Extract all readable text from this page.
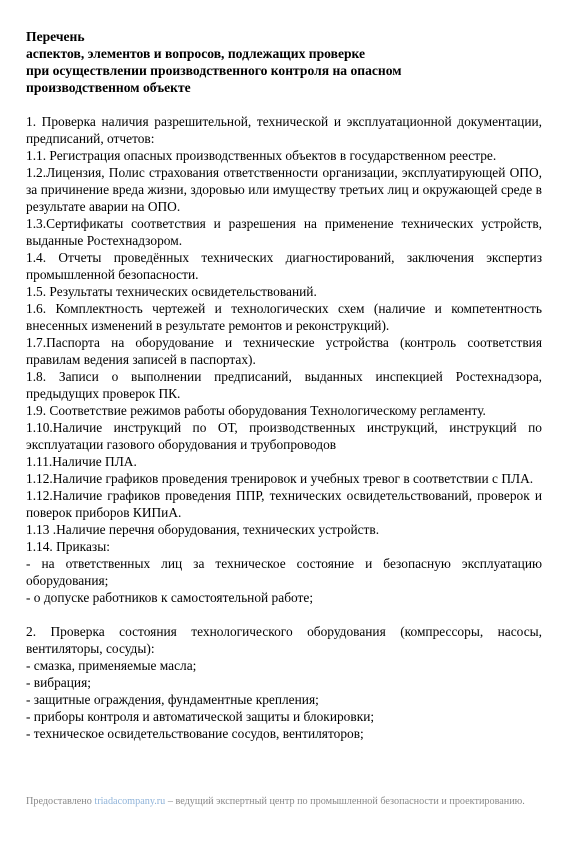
Перечень
аспектов, элементов и вопросов, подлежащих проверке
при осуществлении производственного контроля на опасном
производственном объекте

1. Проверка наличия разрешительной, технической и эксплуатационной документации, предписаний, отчетов:

1.1. Регистрация опасных производственных объектов в государственном реестре.

1.2.Лицензия, Полис страхования ответственности организации, эксплуатирующей ОПО, за причинение вреда жизни, здоровью или имуществу третьих лиц и окружающей среде в результате аварии на ОПО.

1.3.Сертификаты соответствия и разрешения на применение технических устройств, выданные Ростехнадзором.

1.4. Отчеты проведённых технических диагностирований, заключения экспертиз промышленной безопасности.

1.5. Результаты технических освидетельствований.

1.6. Комплектность чертежей и технологических схем (наличие и компетентность внесенных изменений в результате ремонтов и реконструкций).

1.7.Паспорта на оборудование и технические устройства (контроль соответствия правилам ведения записей в паспортах).

1.8. Записи о выполнении предписаний, выданных инспекцией Ростехнадзора, предыдущих проверок ПК.

1.9. Соответствие режимов работы оборудования Технологическому регламенту.

1.10.Наличие инструкций по ОТ, производственных инструкций, инструкций по эксплуатации газового оборудования и трубопроводов

1.11.Наличие ПЛА.

1.12.Наличие графиков проведения тренировок и учебных тревог в соответствии с ПЛА.

1.12.Наличие графиков проведения ППР, технических освидетельствований, проверок и поверок приборов КИПиА.

1.13 .Наличие перечня оборудования, технических устройств.

1.14. Приказы:

- на ответственных лиц за техническое состояние и безопасную эксплуатацию оборудования;

- о допуске работников к самостоятельной работе;

2. Проверка состояния технологического оборудования (компрессоры, насосы, вентиляторы, сосуды):

- смазка, применяемые масла;

- вибрация;

- защитные ограждения, фундаментные крепления;

- приборы контроля и автоматической защиты и блокировки;

- техническое освидетельствование сосудов, вентиляторов;

Предоставлено triadacompany.ru – ведущий экспертный центр по промышленной безопасности и проектированию.
